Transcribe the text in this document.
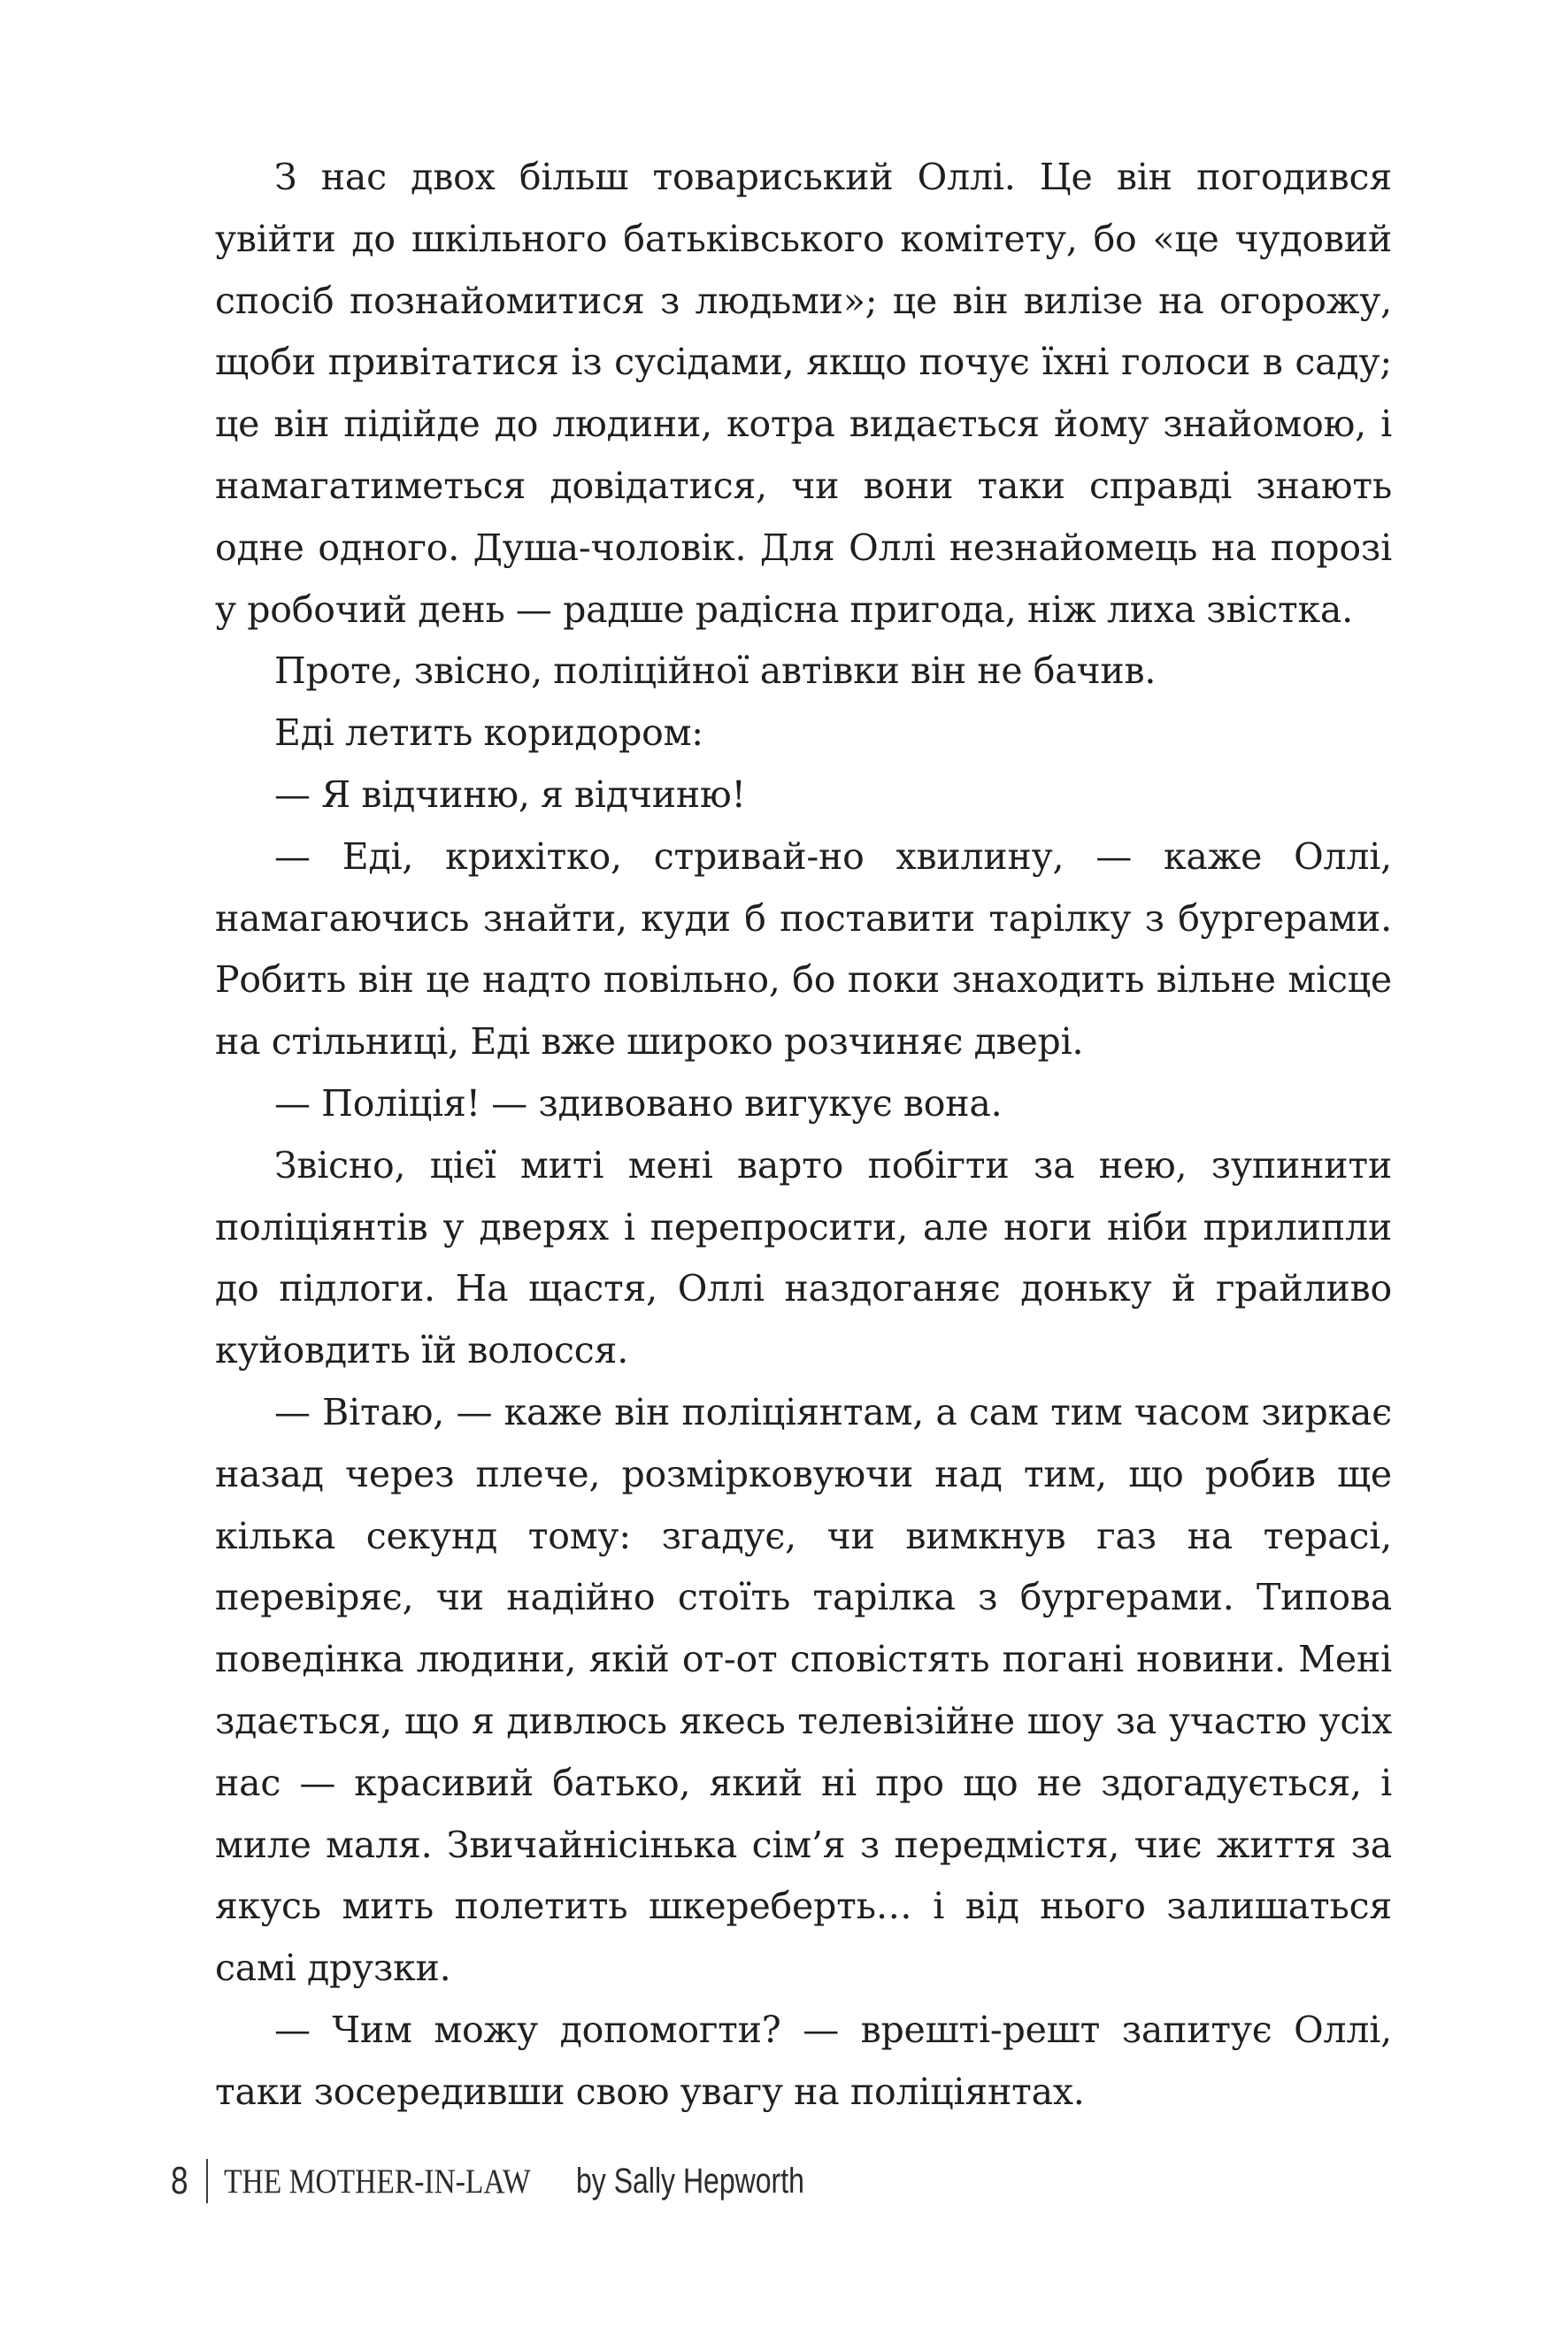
З нас двох більш товариський Оллі. Це він погодився увійти до шкільного батьківського комітету, бо «це чудовий спосіб познайомитися з людьми»; це він вилізе на огорожу, щоби привітатися із сусідами, якщо почує їхні голоси в саду; це він підійде до людини, котра видається йому знайомою, і намагатиметься довідатися, чи вони таки справді знають одне одного. Душа-чоловік. Для Оллі незнайомець на порозі у робочий день — радше радісна пригода, ніж лиха звістка.

Проте, звісно, поліційної автівки він не бачив.

Еді летить коридором:

— Я відчиню, я відчиню!

— Еді, крихітко, стривай-но хвилину, — каже Оллі, намагаючись знайти, куди б поставити тарілку з бургерами. Робить він це надто повільно, бо поки знаходить вільне місце на стільниці, Еді вже широко розчиняє двері.

— Поліція! — здивовано вигукує вона.

Звісно, цієї миті мені варто побігти за нею, зупинити поліціянтів у дверях і перепросити, але ноги ніби прилипли до підлоги. На щастя, Оллі наздоганяє доньку й грайливо куйовдить їй волосся.

— Вітаю, — каже він поліціянтам, а сам тим часом зиркає назад через плече, розмірковуючи над тим, що робив ще кілька секунд тому: згадує, чи вимкнув газ на терасі, перевіряє, чи надійно стоїть тарілка з бургерами. Типова поведінка людини, якій от-от сповістять погані новини. Мені здається, що я дивлюсь якесь телевізійне шоу за участю усіх нас — красивий батько, який ні про що не здогадується, і миле маля. Звичайнісінька сім’я з передмістя, чиє життя за якусь мить полетить шкереберть… і від нього залишаться самі друзки.

— Чим можу допомогти? — врешті-решт запитує Оллі, таки зосередивши свою увагу на поліціянтах.

8 THE MOTHER-IN-LAW by Sally Hepworth
